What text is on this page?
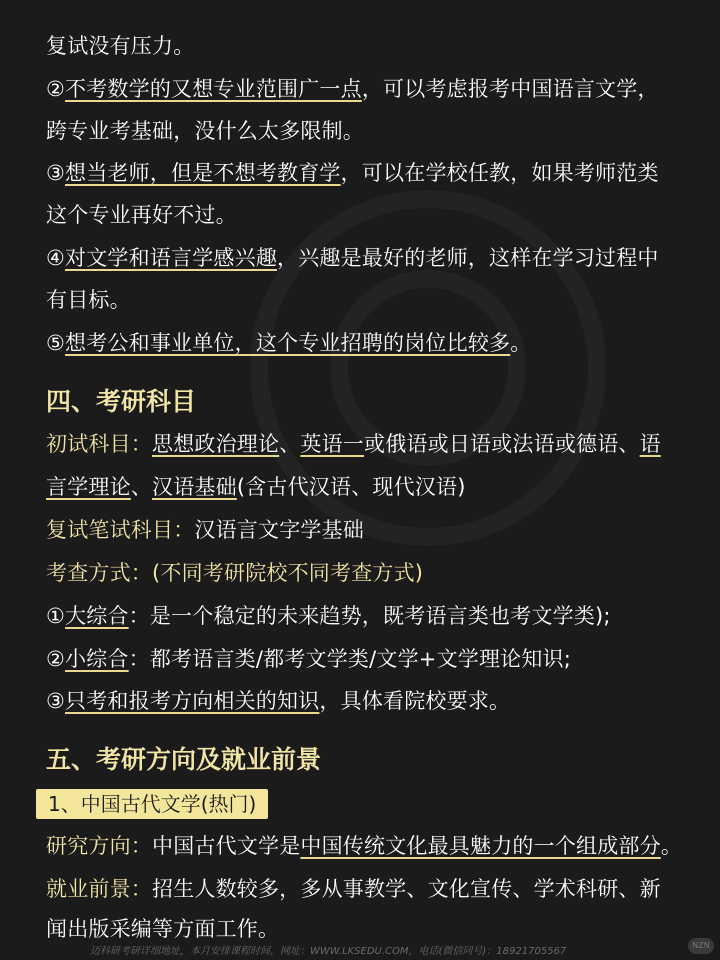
复试没有压力。
②不考数学的又想专业范围广一点，可以考虑报考中国语言文学，
跨专业考基础，没什么太多限制。
③想当老师，但是不想考教育学，可以在学校任教，如果考师范类
这个专业再好不过。
④对文学和语言学感兴趣，兴趣是最好的老师，这样在学习过程中
有目标。
⑤想考公和事业单位，这个专业招聘的岗位比较多。
四、考研科目
初试科目：思想政治理论、英语一或俄语或日语或法语或德语、语
言学理论、汉语基础(含古代汉语、现代汉语)
复试笔试科目：汉语言文字学基础
考查方式：(不同考研院校不同考查方式)
①大综合：是一个稳定的未来趋势，既考语言类也考文学类);
②小综合：都考语言类/都考文学类/文学+文学理论知识;
③只考和报考方向相关的知识，具体看院校要求。
五、考研方向及就业前景
1、中国古代文学(热门)
研究方向：中国古代文学是中国传统文化最具魅力的一个组成部分。
就业前景：招生人数较多，多从事教学、文化宣传、学术科研、新
闻出版采编等方面工作。
迈科研考研详细地址，本月安排课程时间，网址：WWW.LKSEDU.COM，电话(微信同号)：18921705567
NZN
